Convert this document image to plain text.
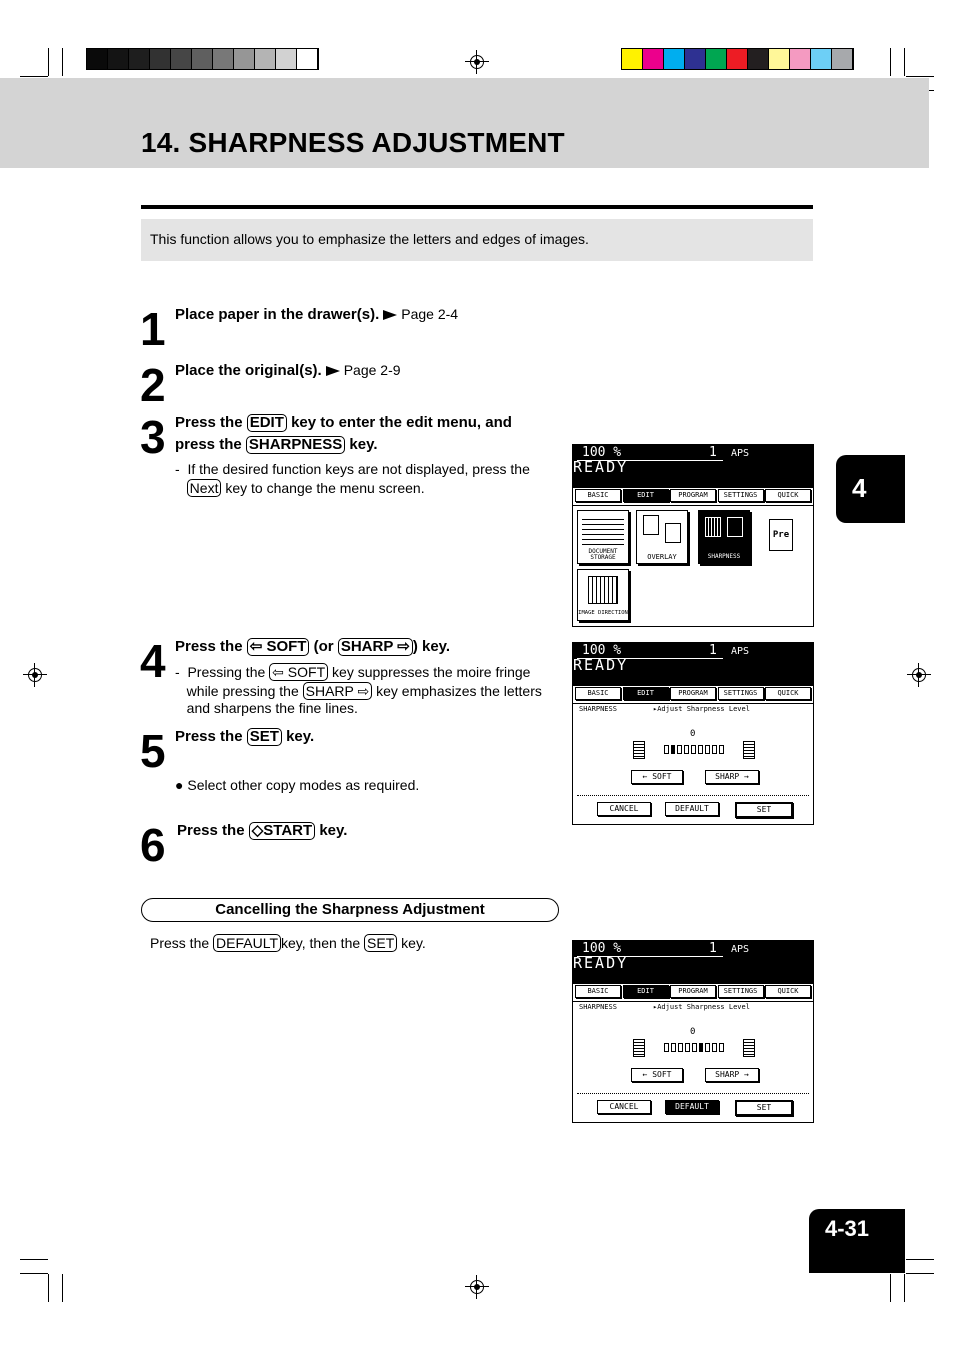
14. SHARPNESS ADJUSTMENT
This function allows you to emphasize the letters and edges of images.
4
1 Place paper in the drawer(s). Page 2-4
2 Place the original(s). Page 2-9
3 Press the EDIT key to enter the edit menu, and
press the SHARPNESS key.
-  If the desired function keys are not displayed, press the
Next key to change the menu screen.
4 Press the ⇦ SOFT (or SHARP ⇨ ) key.
-  Pressing the ⇦ SOFT key suppresses the moire fringe
while pressing the SHARP ⇨ key emphasizes the letters
and sharpens the fine lines.
5 Press the SET key.
● Select other copy modes as required.
6 Press the ◇START key.
Cancelling the Sharpness Adjustment
Press the DEFAULT key, then the SET key.
100 %	1 APS
READY
BASIC	EDIT	PROGRAM	SETTINGS	QUICK
DOCUMENT STORAGE	OVERLAY	SHARPNESS
Pre
IMAGE DIRECTION
100 %	1 APS
READY
BASIC	EDIT	PROGRAM	SETTINGS	QUICK
SHARPNESS	▸Adjust Sharpness Level
0
← SOFT	SHARP →
CANCEL	DEFAULT	SET
100 %	1 APS
READY
BASIC	EDIT	PROGRAM	SETTINGS	QUICK
SHARPNESS	▸Adjust Sharpness Level
0
← SOFT	SHARP →
CANCEL	DEFAULT	SET
4-31
